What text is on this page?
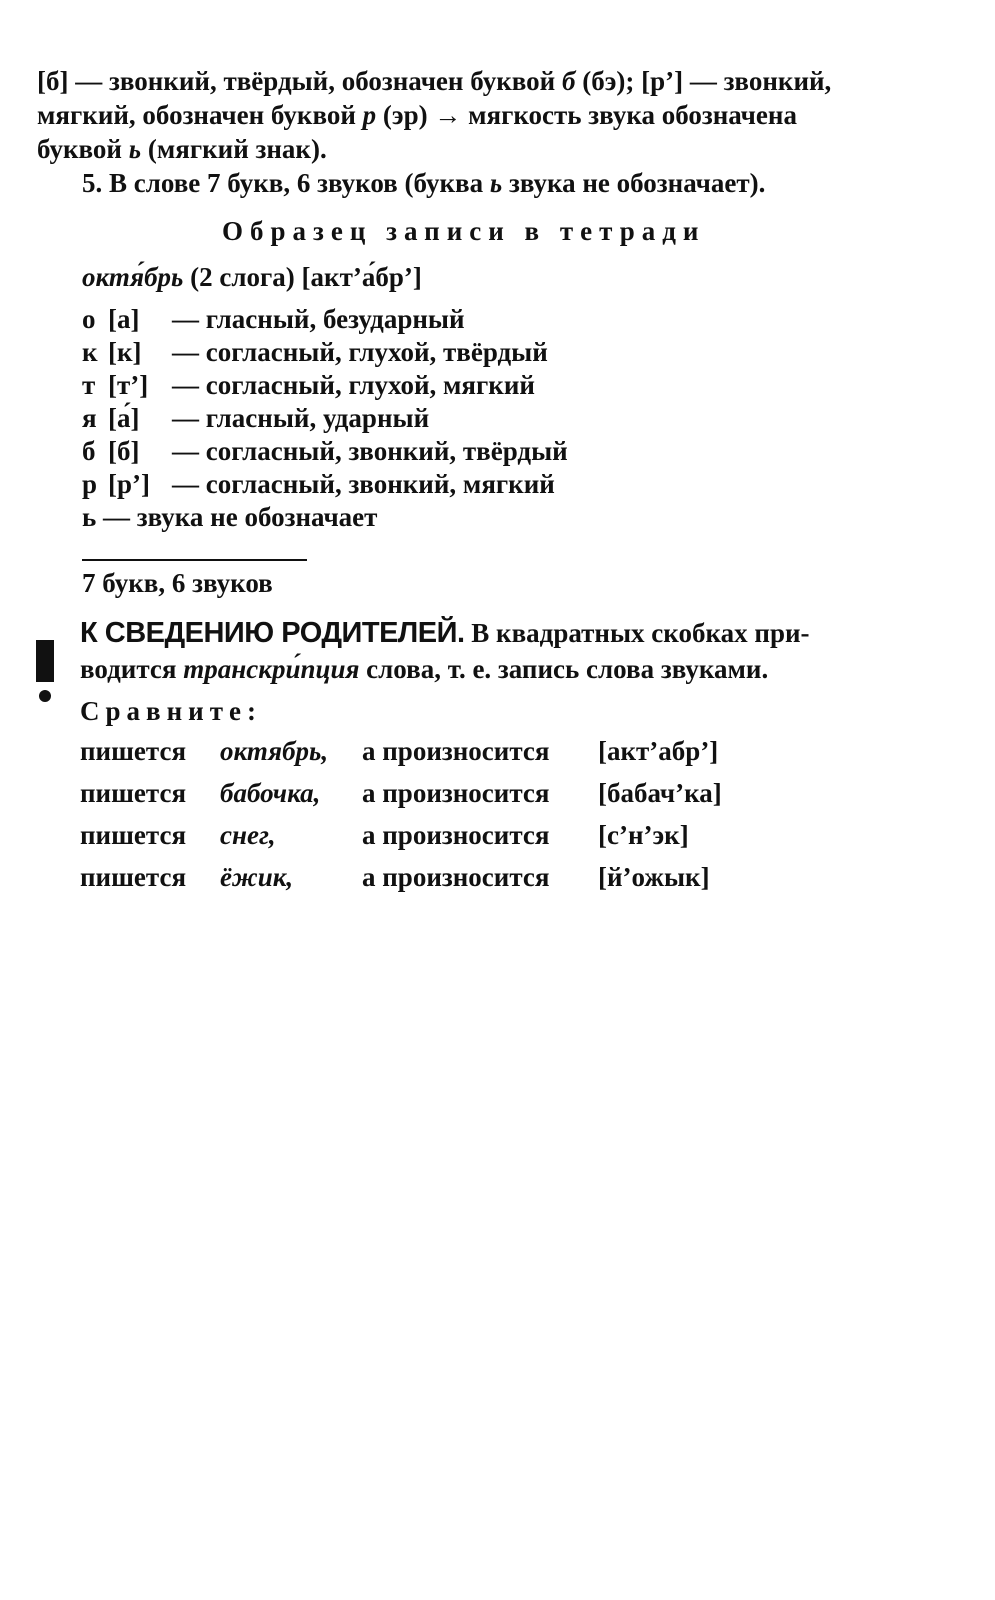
[б] — звонкий, твёрдый, обозначен буквой б (бэ); [р’] — звонкий,
мягкий, обозначен буквой р (эр) → мягкость звука обозначена
буквой ь (мягкий знак).
5. В слове 7 букв, 6 звуков (буква ь звука не обозначает).
Образец записи в тетради
октя́брь (2 слога) [акт’а́бр’]
о [а] — гласный, безударный
к [к] — согласный, глухой, твёрдый
т [т’] — согласный, глухой, мягкий
я [а́] — гласный, ударный
б [б] — согласный, звонкий, твёрдый
р [р’] — согласный, звонкий, мягкий
ь — звука не обозначает
7 букв, 6 звуков
К СВЕДЕНИЮ РОДИТЕЛЕЙ. В квадратных скобках при-
водится транскри́пция слова, т. е. запись слова звуками.
Сравните:
пишется октябрь, а произносится [акт’абр’]
пишется бабочка, а произносится [бабач’ка]
пишется снег,	а произносится [с’н’эк]
пишется ёжик,	а произносится [й’ожык]
